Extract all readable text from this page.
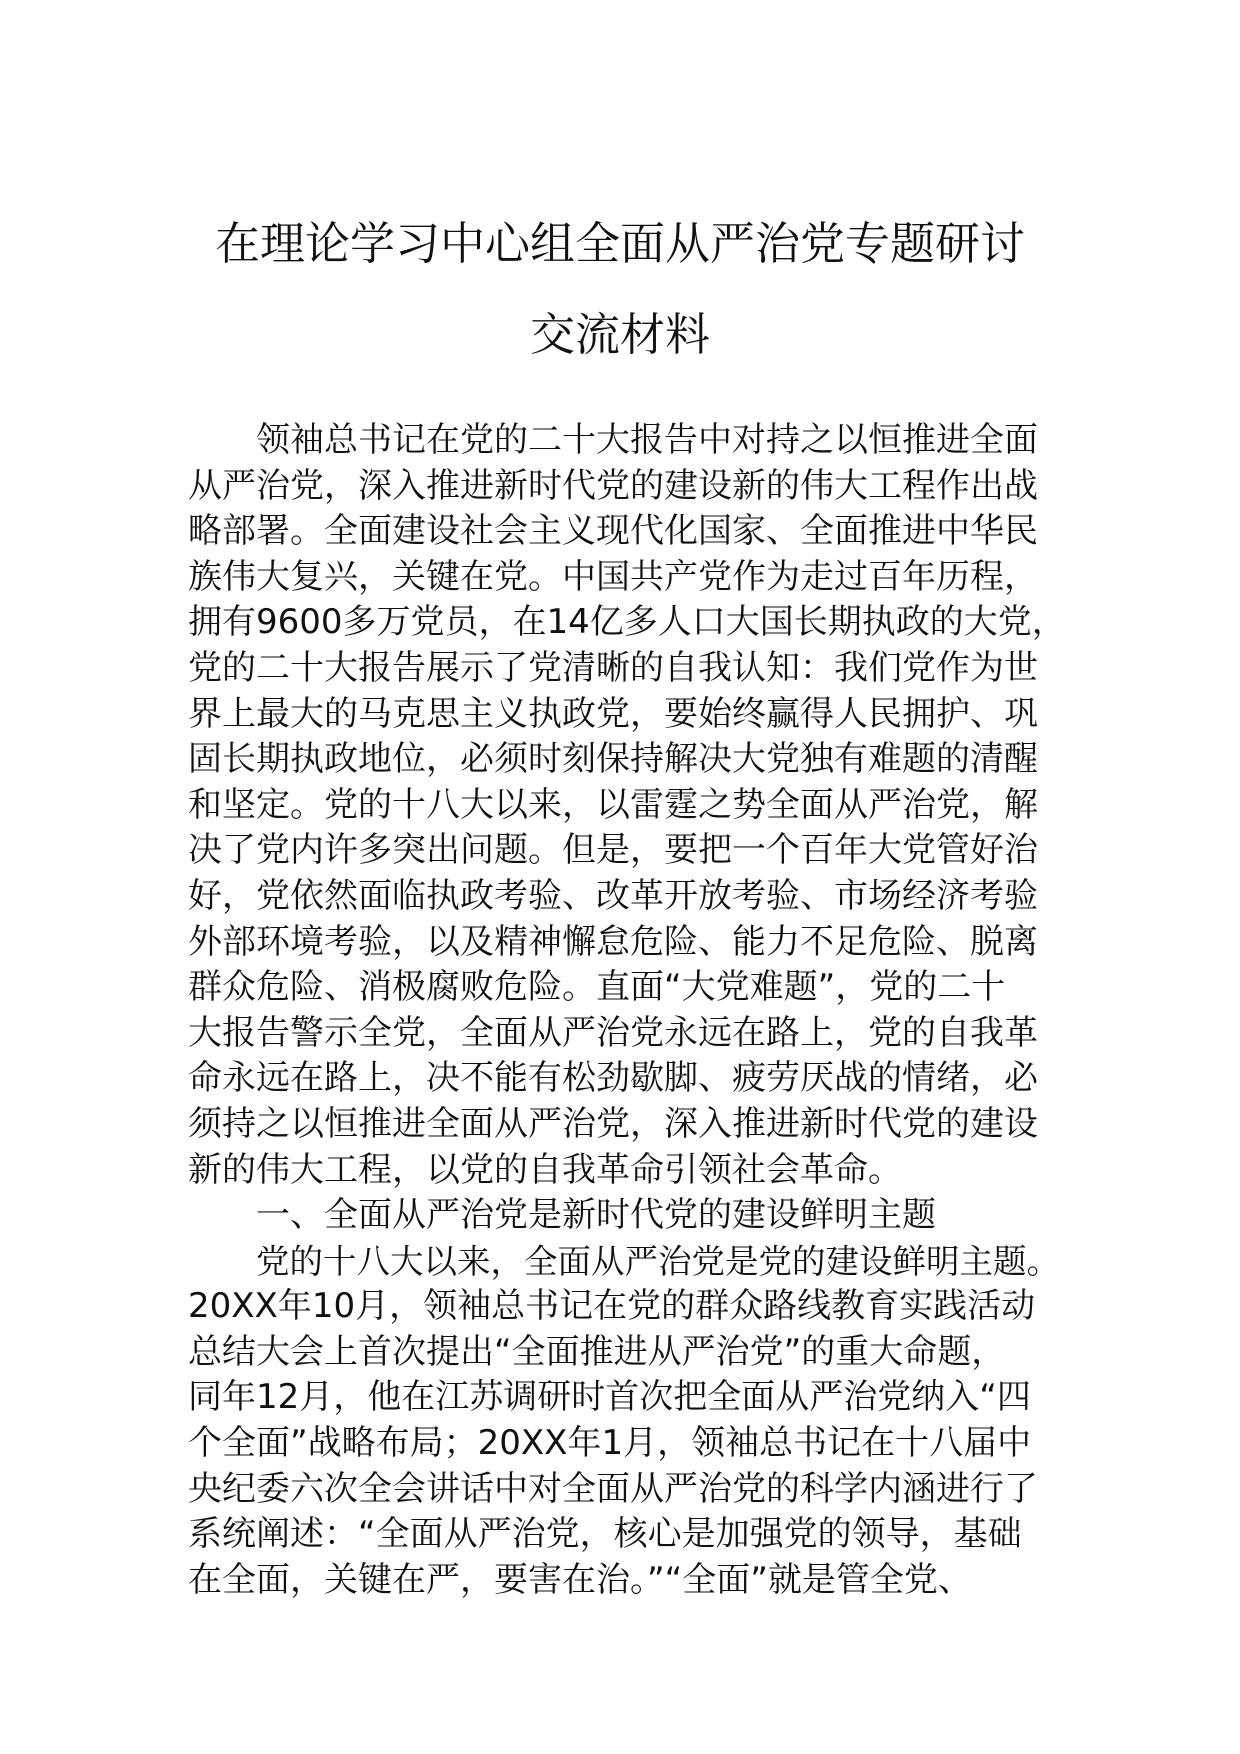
在理论学习中心组全面从严治党专题研讨
交流材料
领袖总书记在党的二十大报告中对持之以恒推进全面
从严治党，深入推进新时代党的建设新的伟大工程作出战
略部署。全面建设社会主义现代化国家、全面推进中华民
族伟大复兴，关键在党。中国共产党作为走过百年历程，
拥有9600多万党员，在14亿多人口大国长期执政的大党，
党的二十大报告展示了党清晰的自我认知：我们党作为世
界上最大的马克思主义执政党，要始终赢得人民拥护、巩
固长期执政地位，必须时刻保持解决大党独有难题的清醒
和坚定。党的十八大以来，以雷霆之势全面从严治党，解
决了党内许多突出问题。但是，要把一个百年大党管好治
好，党依然面临执政考验、改革开放考验、市场经济考验
外部环境考验，以及精神懈怠危险、能力不足危险、脱离
群众危险、消极腐败危险。直面“大党难题”，党的二十
大报告警示全党，全面从严治党永远在路上，党的自我革
命永远在路上，决不能有松劲歇脚、疲劳厌战的情绪，必
须持之以恒推进全面从严治党，深入推进新时代党的建设
新的伟大工程，以党的自我革命引领社会革命。
一、全面从严治党是新时代党的建设鲜明主题
党的十八大以来，全面从严治党是党的建设鲜明主题。
20XX年10月，领袖总书记在党的群众路线教育实践活动
总结大会上首次提出“全面推进从严治党”的重大命题，
同年12月，他在江苏调研时首次把全面从严治党纳入“四
个全面”战略布局；20XX年1月，领袖总书记在十八届中
央纪委六次全会讲话中对全面从严治党的科学内涵进行了
系统阐述：“全面从严治党，核心是加强党的领导，基础
在全面，关键在严，要害在治。”“全面”就是管全党、
